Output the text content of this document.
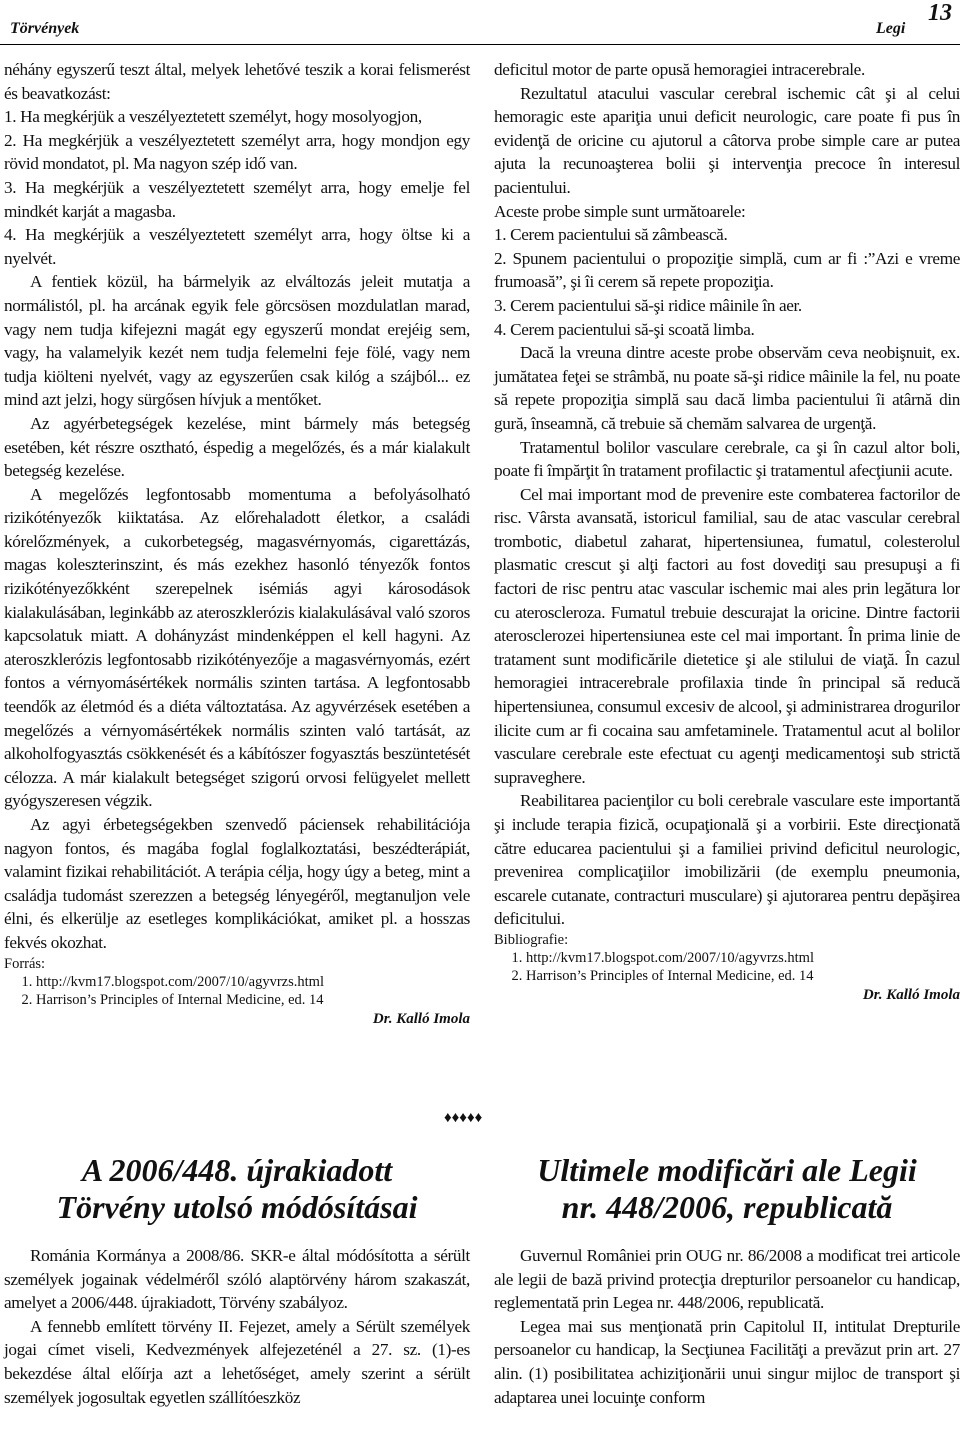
Törvények	Legi
13

néhány egyszerű teszt által, melyek lehetővé teszik a korai felismerést és beavatkozást:

1. Ha megkérjük a veszélyeztetett személyt, hogy mosolyogjon,

2. Ha megkérjük a veszélyeztetett személyt arra, hogy mondjon egy rövid mondatot, pl. Ma nagyon szép idő van.

3. Ha megkérjük a veszélyeztetett személyt arra, hogy emelje fel mindkét karját a magasba.

4. Ha megkérjük a veszélyeztetett személyt arra, hogy öltse ki a nyelvét.

A fentiek közül, ha bármelyik az elváltozás jeleit mutatja a normálistól, pl. ha arcának egyik fele görcsösen mozdulatlan marad, vagy nem tudja kifejezni magát egy egyszerű mondat erejéig sem, vagy, ha valamelyik kezét nem tudja felemelni feje fölé, vagy nem tudja kiölteni nyelvét, vagy az egyszerűen csak kilóg a szájból... ez mind azt jelzi, hogy sürgősen hívjuk a mentőket.

Az agyérbetegségek kezelése, mint bármely más betegség esetében, két részre osztható, éspedig a megelőzés, és a már kialakult betegség kezelése.

A megelőzés legfontosabb momentuma a befolyásolható rizikótényezők kiiktatása. Az előrehaladott életkor, a családi kórelőzmények, a cukorbetegség, magasvérnyomás, cigarettázás, magas koleszterinszint, és más ezekhez hasonló tényezők fontos rizikótényezőkként szerepelnek isémiás agyi károsodások kialakulásában, leginkább az ateroszklerózis kialakulásával való szoros kapcsolatuk miatt. A dohányzást mindenképpen el kell hagyni. Az ateroszklerózis legfontosabb rizikótényezője a magasvérnyomás, ezért fontos a vérnyomásértékek normális szinten tartása. A legfontosabb teendők az életmód és a diéta változtatása. Az agyvérzések esetében a megelőzés a vérnyomásértékek normális szinten való tartását, az alkoholfogyasztás csökkenését és a kábítószer fogyasztás beszüntetését célozza. A már kialakult betegséget szigorú orvosi felügyelet mellett gyógyszeresen végzik.

Az agyi érbetegségekben szenvedő páciensek rehabilitációja nagyon fontos, és magába foglal foglalkoztatási, beszédterápiát, valamint fizikai rehabilitációt. A terápia célja, hogy úgy a beteg, mint a családja tudomást szerezzen a betegség lényegéről, megtanuljon vele élni, és elkerülje az esetleges komplikációkat, amiket pl. a hosszas fekvés okozhat.

Forrás:
1. http://kvm17.blogspot.com/2007/10/agyvrzs.html
2. Harrison’s Principles of Internal Medicine, ed. 14
Dr. Kalló Imola

deficitul motor de parte opusă hemoragiei intracerebrale.

Rezultatul atacului vascular cerebral ischemic cât şi al celui hemoragic este apariţia unui deficit neurologic, care poate fi pus în evidenţă de oricine cu ajutorul a câtorva probe simple care ar putea ajuta la recunoaşterea bolii şi intervenţia precoce în interesul pacientului.

Aceste probe simple sunt următoarele:

1. Cerem pacientului să zâmbească.

2. Spunem pacientului o propoziţie simplă, cum ar fi :”Azi e vreme frumoasă”, şi îi cerem să repete propoziţia.

3. Cerem pacientului să-şi ridice mâinile în aer.

4. Cerem pacientului să-şi scoată limba.

Dacă la vreuna dintre aceste probe observăm ceva neobişnuit, ex. jumătatea feţei se strâmbă, nu poate să-şi ridice mâinile la fel, nu poate să repete propoziţia simplă sau dacă limba pacientului îi atârnă din gură, înseamnă, că trebuie să chemăm salvarea de urgenţă.

Tratamentul bolilor vasculare cerebrale, ca şi în cazul altor boli, poate fi împărţit în tratament profilactic şi tratamentul afecţiunii acute.

Cel mai important mod de prevenire este combaterea factorilor de risc. Vârsta avansată, istoricul familial, sau de atac vascular cerebral trombotic, diabetul zaharat, hipertensiunea, fumatul, colesterolul plasmatic crescut şi alţi factori au fost dovediţi sau presupuşi a fi factori de risc pentru atac vascular ischemic mai ales prin legătura lor cu ateroscleroza. Fumatul trebuie descurajat la oricine. Dintre factorii aterosclerozei hipertensiunea este cel mai important. În prima linie de tratament sunt modificările dietetice şi ale stilului de viaţă. În cazul hemoragiei intracerebrale profilaxia tinde în principal să reducă hipertensiunea, consumul excesiv de alcool, şi administrarea drogurilor ilicite cum ar fi cocaina sau amfetaminele. Tratamentul acut al bolilor vasculare cerebrale este efectuat cu agenţi medicamentoşi sub strictă supraveghere.

Reabilitarea pacienţilor cu boli cerebrale vasculare este importantă şi include terapia fizică, ocupaţională şi a vorbirii. Este direcţionată către educarea pacientului şi a familiei privind deficitul neurologic, prevenirea complicaţiilor imobilizării (de exemplu pneumonia, escarele cutanate, contracturi musculare) şi ajutorarea pentru depăşirea deficitului.

Bibliografie:
1. http://kvm17.blogspot.com/2007/10/agyvrzs.html
2. Harrison’s Principles of Internal Medicine, ed. 14
Dr. Kalló Imola
♦♦♦♦♦
A 2006/448. újrakiadott
Törvény utolsó módósításai
Ultimele modificări ale Legii
nr. 448/2006, republicată

Románia Kormánya a 2008/86. SKR-e által módósította a sérült személyek jogainak védelméről szóló alaptörvény három szakaszát, amelyet a 2006/448. újrakiadott, Törvény szabályoz.

A fennebb említett törvény II. Fejezet, amely a Sérült személyek jogai címet viseli, Kedvezmények alfejezeténél a 27. sz. (1)-es bekezdése által előírja azt a lehetőséget, amely szerint a sérült személyek jogosultak egyetlen szállítóeszköz

Guvernul României prin OUG nr. 86/2008 a modificat trei articole ale legii de bază privind protecţia drepturilor persoanelor cu handicap, reglementată prin Legea nr. 448/2006, republicată.

Legea mai sus menţionată prin Capitolul II, intitulat Drepturile persoanelor cu handicap, la Secţiunea Facilităţi a prevăzut prin art. 27 alin. (1) posibilitatea achiziţionării unui singur mijloc de transport şi adaptarea unei locuinţe conform
